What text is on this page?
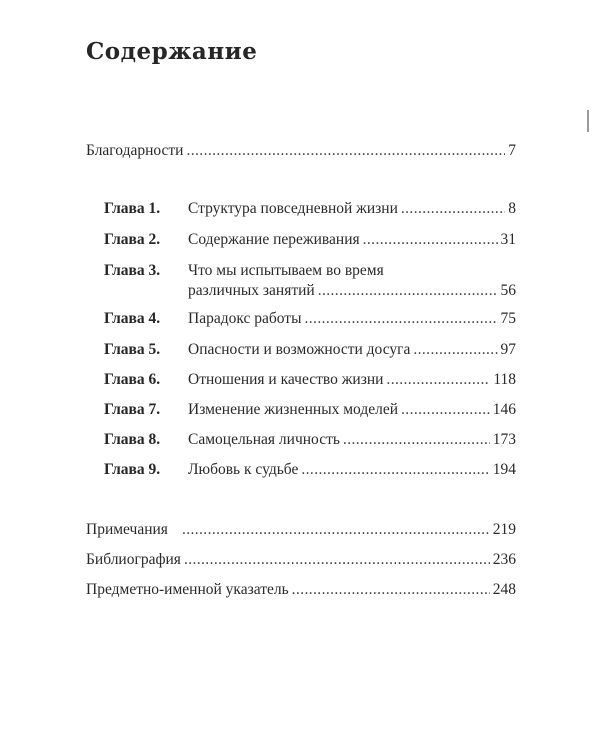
Содержание
Благодарности .....	7
Глава 1.	Структура повседневной жизни .....	8
Глава 2.	Содержание переживания .....	31
Глава 3.	Что мы испытываем во время
различных занятий .....	56
Глава 4.	Парадокс работы .....	75
Глава 5.	Опасности и возможности досуга .....	97
Глава 6.	Отношения и качество жизни .....	118
Глава 7.	Изменение жизненных моделей .....	146
Глава 8.	Самоцельная личность .....	173
Глава 9.	Любовь к судьбе .....	194
Примечания .....	219
Библиография .....	236
Предметно-именной указатель .....	248
